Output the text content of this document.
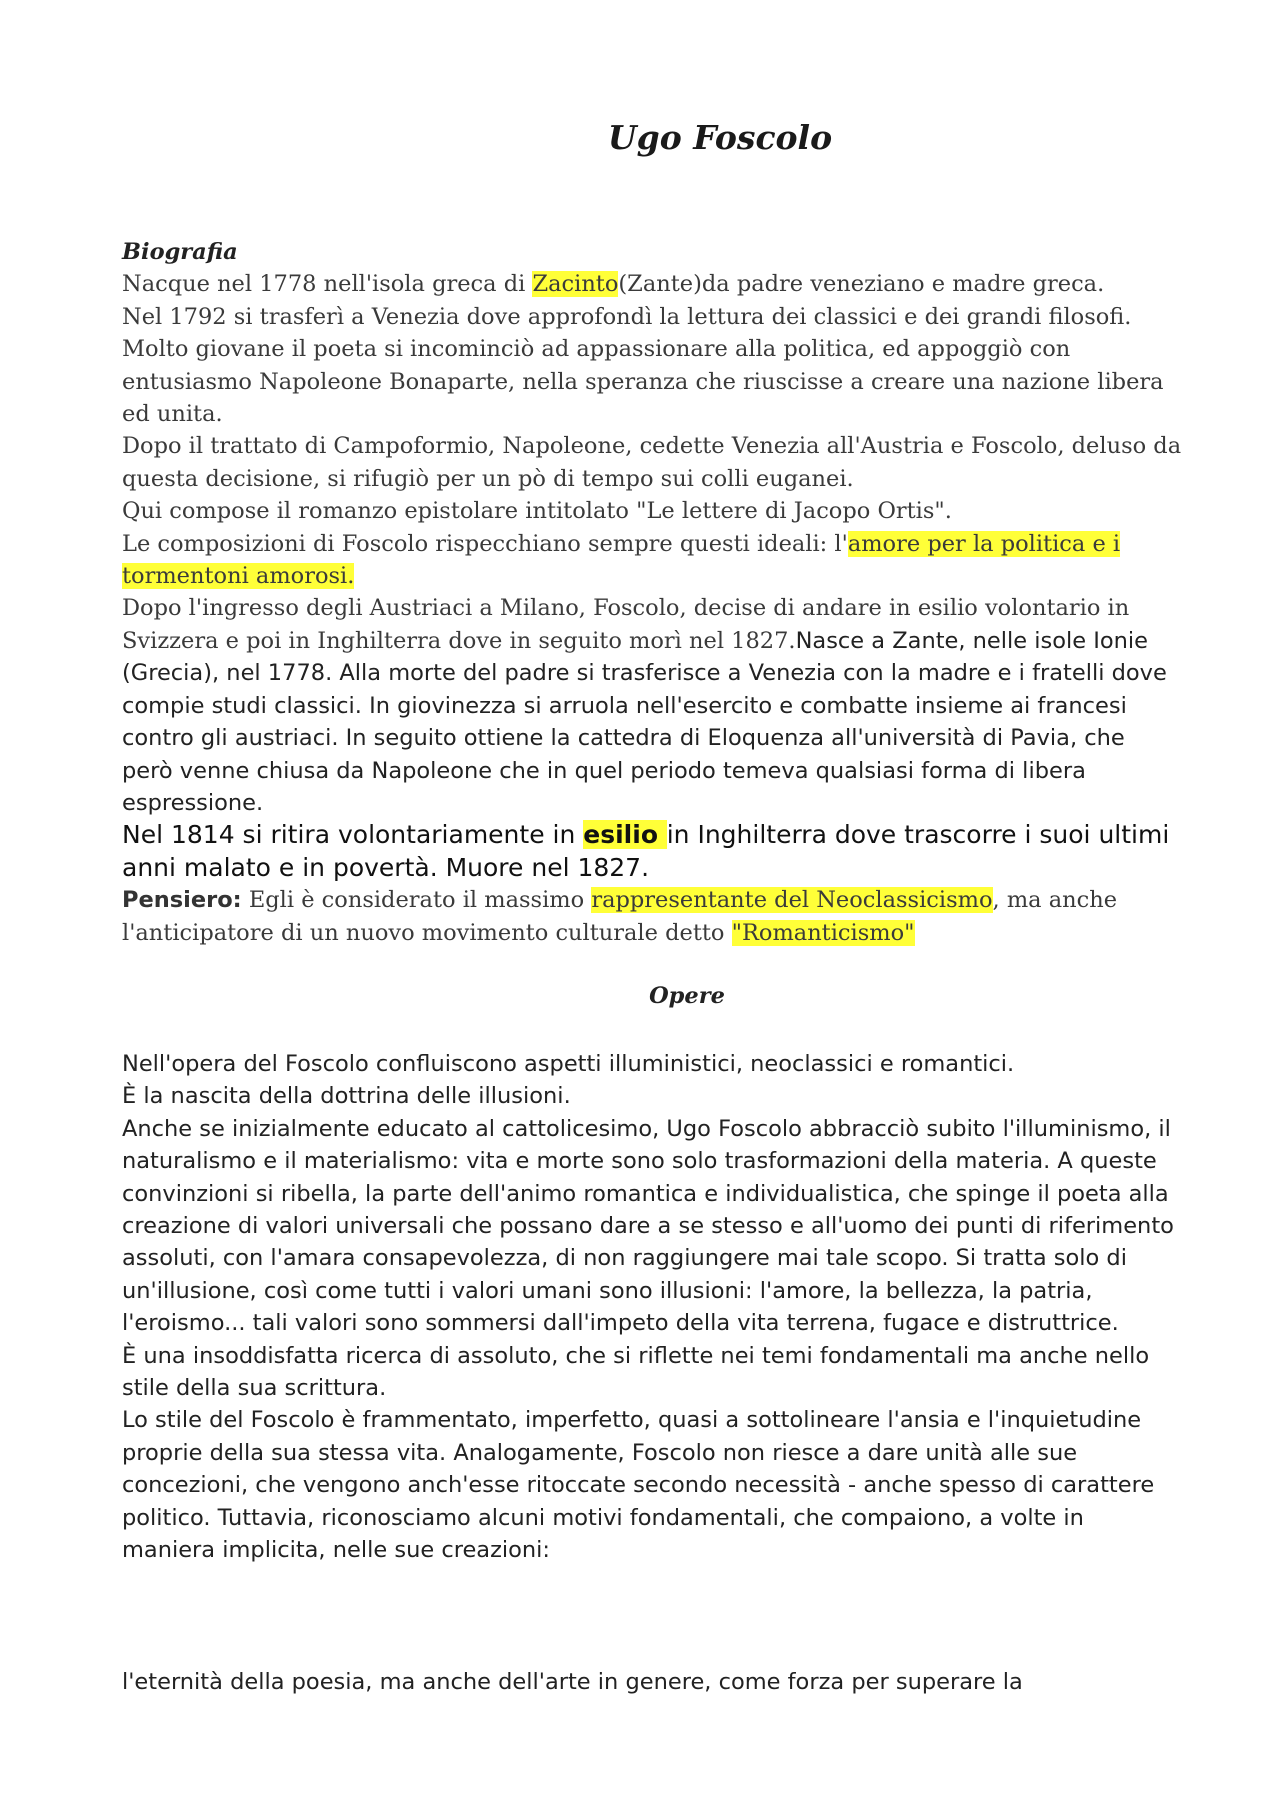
Ugo Foscolo
Biografia

Nacque nel 1778 nell'isola greca di Zacinto(Zante)da padre veneziano e madre greca.

Nel 1792 si trasferì a Venezia dove approfondì la lettura dei classici e dei grandi filosofi. Molto giovane il poeta si incominciò ad appassionare alla politica, ed appoggiò con entusiasmo Napoleone Bonaparte, nella speranza che riuscisse a creare una nazione libera ed unita.

Dopo il trattato di Campoformio, Napoleone, cedette Venezia all'Austria e Foscolo, deluso da questa decisione, si rifugiò per un pò di tempo sui colli euganei.

Qui compose il romanzo epistolare intitolato "Le lettere di Jacopo Ortis".

Le composizioni di Foscolo rispecchiano sempre questi ideali: l'amore per la politica e i tormentoni amorosi.

Dopo l'ingresso degli Austriaci a Milano, Foscolo, decise di andare in esilio volontario in Svizzera e poi in Inghilterra dove in seguito morì nel 1827.Nasce a Zante, nelle isole Ionie (Grecia), nel 1778. Alla morte del padre si trasferisce a Venezia con la madre e i fratelli dove compie studi classici. In giovinezza si arruola nell'esercito e combatte insieme ai francesi contro gli austriaci. In seguito ottiene la cattedra di Eloquenza all'università di Pavia, che però venne chiusa da Napoleone che in quel periodo temeva qualsiasi forma di libera espressione.

Nel 1814 si ritira volontariamente in esilio in Inghilterra dove trascorre i suoi ultimi anni malato e in povertà. Muore nel 1827.

Pensiero: Egli è considerato il massimo rappresentante del Neoclassicismo, ma anche l'anticipatore di un nuovo movimento culturale detto "Romanticismo"

Opere

Nell'opera del Foscolo confluiscono aspetti illuministici, neoclassici e romantici.

È la nascita della dottrina delle illusioni.

Anche se inizialmente educato al cattolicesimo, Ugo Foscolo abbracciò subito l'illuminismo, il naturalismo e il materialismo: vita e morte sono solo trasformazioni della materia. A queste convinzioni si ribella, la parte dell'animo romantica e individualistica, che spinge il poeta alla creazione di valori universali che possano dare a se stesso e all'uomo dei punti di riferimento assoluti, con l'amara consapevolezza, di non raggiungere mai tale scopo. Si tratta solo di un'illusione, così come tutti i valori umani sono illusioni: l'amore, la bellezza, la patria, l'eroismo... tali valori sono sommersi dall'impeto della vita terrena, fugace e distruttrice.

È una insoddisfatta ricerca di assoluto, che si riflette nei temi fondamentali ma anche nello stile della sua scrittura.

Lo stile del Foscolo è frammentato, imperfetto, quasi a sottolineare l'ansia e l'inquietudine proprie della sua stessa vita. Analogamente, Foscolo non riesce a dare unità alle sue concezioni, che vengono anch'esse ritoccate secondo necessità - anche spesso di carattere politico. Tuttavia, riconosciamo alcuni motivi fondamentali, che compaiono, a volte in maniera implicita, nelle sue creazioni:

l'eternità della poesia, ma anche dell'arte in genere, come forza per superare la
